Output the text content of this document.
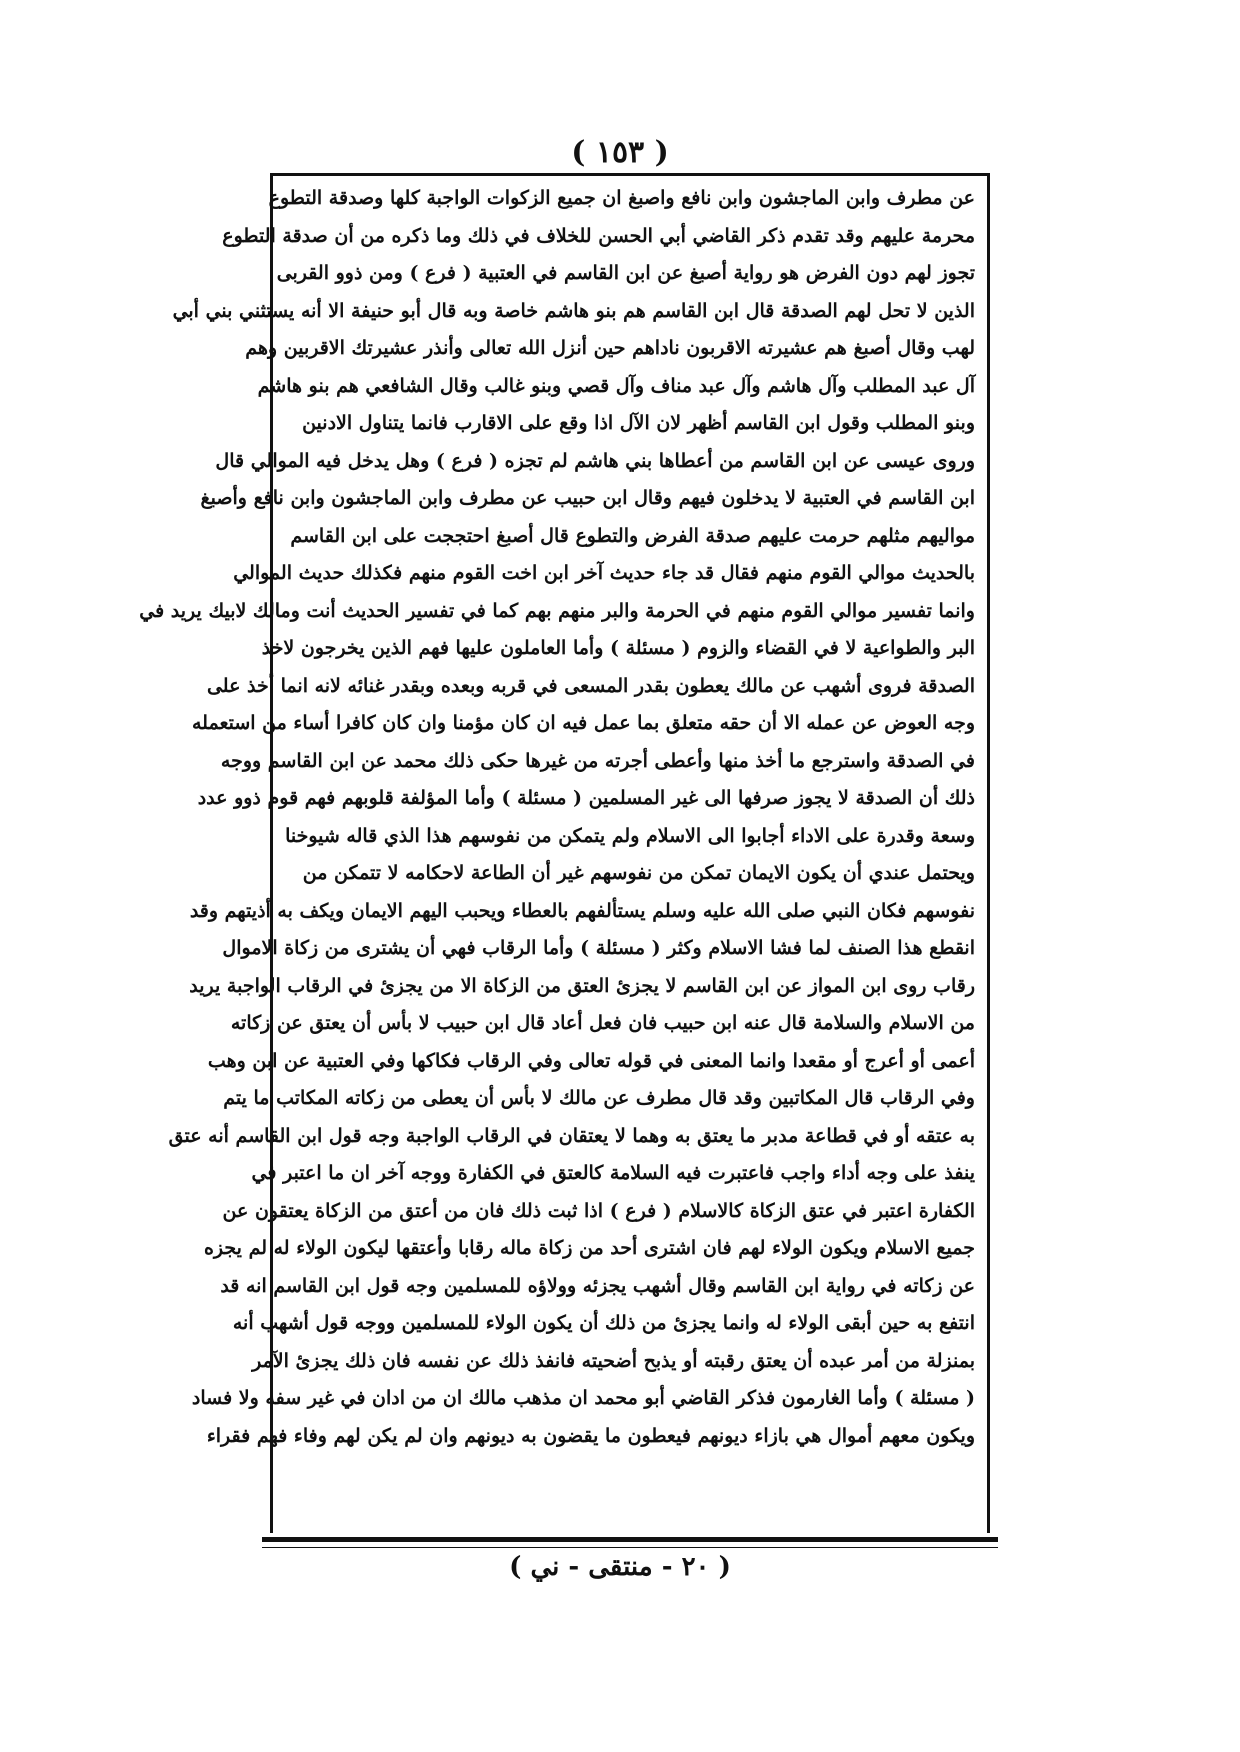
( ١٥٣ )
عن مطرف وابن الماجشون وابن نافع واصبغ ان جميع الزكوات الواجبة كلها وصدقة التطوع
محرمة عليهم وقد تقدم ذكر القاضي أبي الحسن للخلاف في ذلك وما ذكره من أن صدقة التطوع
تجوز لهم دون الفرض هو رواية أصبغ عن ابن القاسم في العتبية ( فرع ) ومن ذوو القربى
الذين لا تحل لهم الصدقة قال ابن القاسم هم بنو هاشم خاصة وبه قال أبو حنيفة الا أنه يستثني بني أبي
لهب وقال أصبغ هم عشيرته الاقربون ناداهم حين أنزل الله تعالى وأنذر عشيرتك الاقربين وهم
آل عبد المطلب وآل هاشم وآل عبد مناف وآل قصي وبنو غالب وقال الشافعي هم بنو هاشم
وبنو المطلب وقول ابن القاسم أظهر لان الآل اذا وقع على الاقارب فانما يتناول الادنين
وروى عيسى عن ابن القاسم من أعطاها بني هاشم لم تجزه ( فرع ) وهل يدخل فيه الموالي قال
ابن القاسم في العتبية لا يدخلون فيهم وقال ابن حبيب عن مطرف وابن الماجشون وابن نافع وأصبغ
مواليهم مثلهم حرمت عليهم صدقة الفرض والتطوع قال أصبغ احتججت على ابن القاسم
بالحديث موالي القوم منهم فقال قد جاء حديث آخر ابن اخت القوم منهم فكذلك حديث الموالي
وانما تفسير موالي القوم منهم في الحرمة والبر منهم بهم كما في تفسير الحديث أنت ومالك لابيك يريد في
البر والطواعية لا في القضاء والزوم ( مسئلة ) وأما العاملون عليها فهم الذين يخرجون لاخذ
الصدقة فروى أشهب عن مالك يعطون بقدر المسعى في قربه وبعده وبقدر غنائه لانه انما أخذ على
وجه العوض عن عمله الا أن حقه متعلق بما عمل فيه ان كان مؤمنا وان كان كافرا أساء من استعمله
في الصدقة واسترجع ما أخذ منها وأعطى أجرته من غيرها حكى ذلك محمد عن ابن القاسم ووجه
ذلك أن الصدقة لا يجوز صرفها الى غير المسلمين ( مسئلة ) وأما المؤلفة قلوبهم فهم قوم ذوو عدد
وسعة وقدرة على الاداء أجابوا الى الاسلام ولم يتمكن من نفوسهم هذا الذي قاله شيوخنا
ويحتمل عندي أن يكون الايمان تمكن من نفوسهم غير أن الطاعة لاحكامه لا تتمكن من
نفوسهم فكان النبي صلى الله عليه وسلم يستألفهم بالعطاء ويحبب اليهم الايمان ويكف به أذيتهم وقد
انقطع هذا الصنف لما فشا الاسلام وكثر ( مسئلة ) وأما الرقاب فهي أن يشترى من زكاة الاموال
رقاب روى ابن المواز عن ابن القاسم لا يجزئ العتق من الزكاة الا من يجزئ في الرقاب الواجبة يريد
من الاسلام والسلامة قال عنه ابن حبيب فان فعل أعاد قال ابن حبيب لا بأس أن يعتق عن زكاته
أعمى أو أعرج أو مقعدا وانما المعنى في قوله تعالى وفي الرقاب فكاكها وفي العتبية عن ابن وهب
وفي الرقاب قال المكاتبين وقد قال مطرف عن مالك لا بأس أن يعطى من زكاته المكاتب ما يتم
به عتقه أو في قطاعة مدبر ما يعتق به وهما لا يعتقان في الرقاب الواجبة وجه قول ابن القاسم أنه عتق
ينفذ على وجه أداء واجب فاعتبرت فيه السلامة كالعتق في الكفارة ووجه آخر ان ما اعتبر في
الكفارة اعتبر في عتق الزكاة كالاسلام ( فرع ) اذا ثبت ذلك فان من أعتق من الزكاة يعتقون عن
جميع الاسلام ويكون الولاء لهم فان اشترى أحد من زكاة ماله رقابا وأعتقها ليكون الولاء له لم يجزه
عن زكاته في رواية ابن القاسم وقال أشهب يجزئه وولاؤه للمسلمين وجه قول ابن القاسم انه قد
انتفع به حين أبقى الولاء له وانما يجزئ من ذلك أن يكون الولاء للمسلمين ووجه قول أشهب أنه
بمنزلة من أمر عبده أن يعتق رقبته أو يذبح أضحيته فانفذ ذلك عن نفسه فان ذلك يجزئ الآمر
( مسئلة ) وأما الغارمون فذكر القاضي أبو محمد ان مذهب مالك ان من ادان في غير سفه ولا فساد
ويكون معهم أموال هي بازاء ديونهم فيعطون ما يقضون به ديونهم وان لم يكن لهم وفاء فهم فقراء
( ٢٠ - منتقى - ني )
